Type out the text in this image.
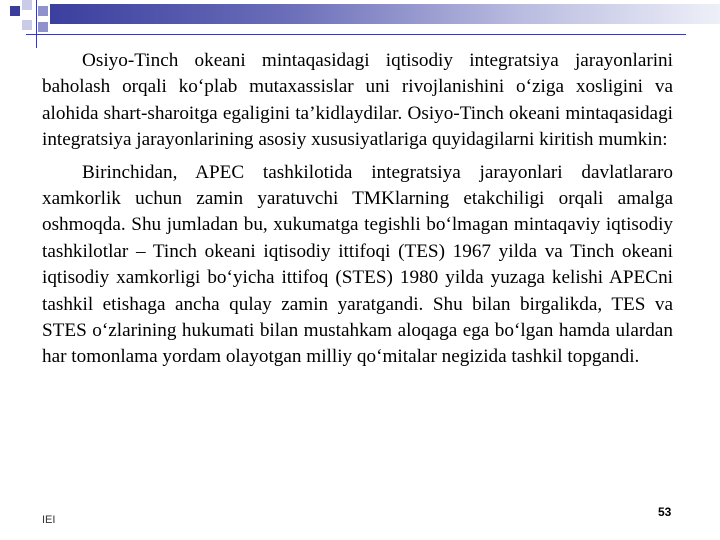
Osiyo-Tinch okeani mintaqasidagi iqtisodiy integratsiya jarayonlarini baholash orqali ko‘plab mutaxassislar uni rivojlanishini o‘ziga xosligini va alohida shart-sharoitga egaligini ta’kidlaydilar. Osiyo-Tinch okeani mintaqasidagi integratsiya jarayonlarining asosiy xususiyatlariga quyidagilarni kiritish mumkin:

Birinchidan, APEC tashkilotida integratsiya jarayonlari davlatlararo xamkorlik uchun zamin yaratuvchi TMKlarning etakchiligi orqali amalga oshmoqda. Shu jumladan bu, xukumatga tegishli bo‘lmagan mintaqaviy iqtisodiy tashkilotlar – Tinch okeani iqtisodiy ittifoqi (TES) 1967 yilda va Tinch okeani iqtisodiy xamkorligi bo‘yicha ittifoq (STES) 1980 yilda yuzaga kelishi APECni tashkil etishaga ancha qulay zamin yaratgandi. Shu bilan birgalikda, TES va STES o‘zlarining hukumati bilan mustahkam aloqaga ega bo‘lgan hamda ulardan har tomonlama yordam olayotgan milliy qo‘mitalar negizida tashkil topgandi.

IEI
53
